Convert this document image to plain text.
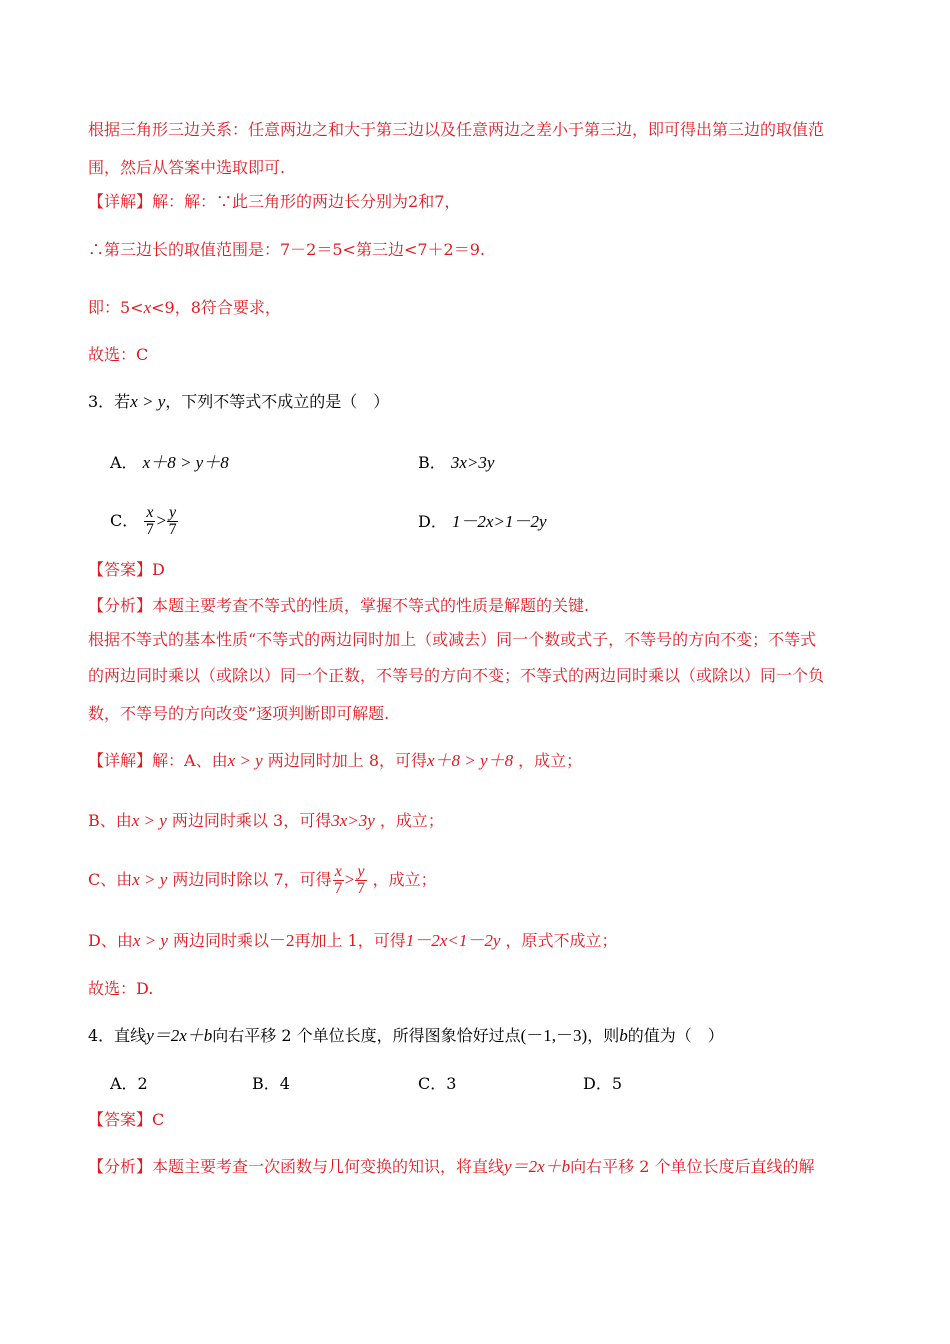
根据三角形三边关系：任意两边之和大于第三边以及任意两边之差小于第三边，即可得出第三边的取值范
围，然后从答案中选取即可.
【详解】解：解：∵此三角形的两边长分别为2和7，
∴第三边长的取值范围是：7－2＝5<第三边<7＋2＝9.
即：5<x<9，8符合要求，
故选：C
3．若x > y，下列不等式不成立的是（　）
A． x＋8 > y＋8	B． 3x>3y
C． $\frac{x}{7} > \frac{y}{7}$	D． 1－2x>1－2y
【答案】D
【分析】本题主要考查不等式的性质，掌握不等式的性质是解题的关键.
根据不等式的基本性质“不等式的两边同时加上（或减去）同一个数或式子，不等号的方向不变；不等式
的两边同时乘以（或除以）同一个正数，不等号的方向不变；不等式的两边同时乘以（或除以）同一个负
数，不等号的方向改变”逐项判断即可解题.
【详解】解：A、由x > y 两边同时加上 8，可得x＋8 > y＋8 ，成立；
B、由x > y 两边同时乘以 3，可得3x>3y ，成立；
C、由x > y 两边同时除以 7，可得 $\frac{x}{7} > \frac{y}{7}$ ，成立；
D、由x > y 两边同时乘以－2再加上 1，可得1－2x<1－2y ，原式不成立；
故选：D.
4．直线y＝2x＋b向右平移 2 个单位长度，所得图象恰好过点(－1,－3)，则b的值为（　）
A．2	B．4	C．3	D．5
【答案】C
【分析】本题主要考查一次函数与几何变换的知识，将直线y＝2x＋b向右平移 2 个单位长度后直线的解
